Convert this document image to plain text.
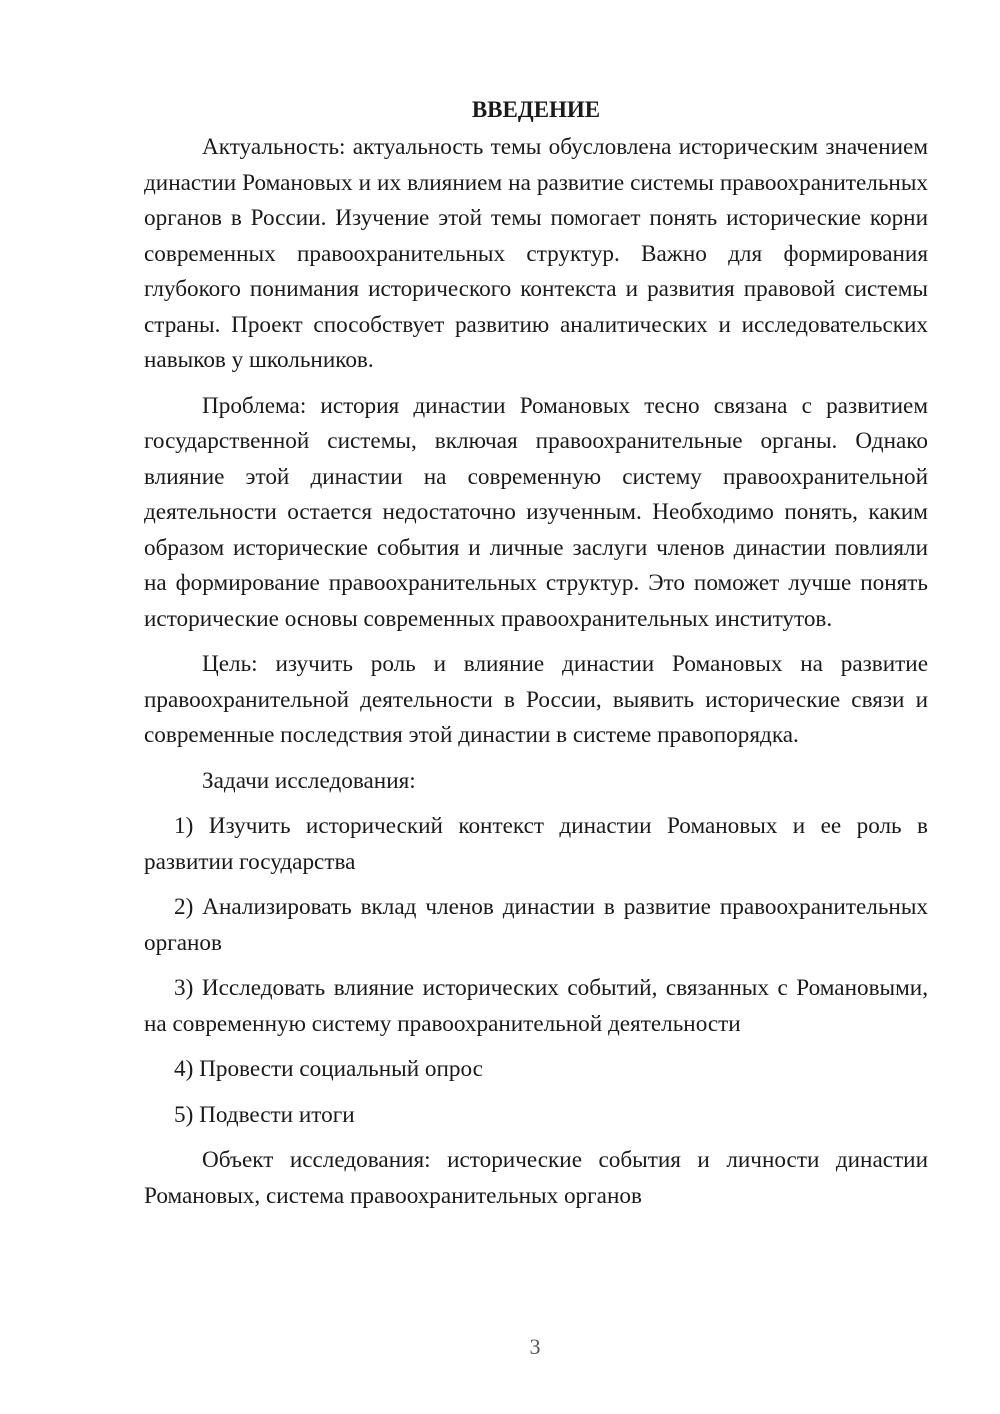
ВВЕДЕНИЕ

Актуальность: актуальность темы обусловлена историческим значением династии Романовых и их влиянием на развитие системы правоохранительных органов в России. Изучение этой темы помогает понять исторические корни современных правоохранительных структур. Важно для формирования глубокого понимания исторического контекста и развития правовой системы страны. Проект способствует развитию аналитических и исследовательских навыков у школьников.

Проблема: история династии Романовых тесно связана с развитием государственной системы, включая правоохранительные органы. Однако влияние этой династии на современную систему правоохранительной деятельности остается недостаточно изученным. Необходимо понять, каким образом исторические события и личные заслуги членов династии повлияли на формирование правоохранительных структур. Это поможет лучше понять исторические основы современных правоохранительных институтов.

Цель: изучить роль и влияние династии Романовых на развитие правоохранительной деятельности в России, выявить исторические связи и современные последствия этой династии в системе правопорядка.

Задачи исследования:

1) Изучить исторический контекст династии Романовых и ее роль в развитии государства

2) Анализировать вклад членов династии в развитие правоохранительных органов

3) Исследовать влияние исторических событий, связанных с Романовыми, на современную систему правоохранительной деятельности

4) Провести социальный опрос

5) Подвести итоги

Объект исследования: исторические события и личности династии Романовых, система правоохранительных органов

3
